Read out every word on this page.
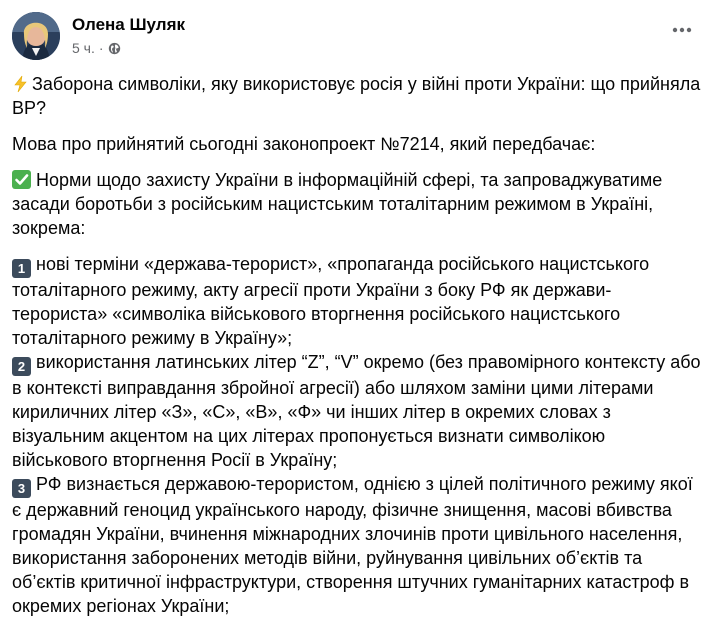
Олена Шуляк
5 ч. ·

Заборона символіки, яку використовує росія у війні проти України: що прийняла ВР?

Мова про прийнятий сьогодні законопроект №7214, який передбачає:

Норми щодо захисту України в інформаційній сфері, та запроваджуватиме засади боротьби з російським нацистським тоталітарним режимом в Україні, зокрема:

1 нові терміни «держава-терорист», «пропаганда російського нацистського тоталітарного режиму, акту агресії проти України з боку РФ як держави-терориста» «символіка військового вторгнення російського нацистського тоталітарного режиму в Україну»;

2 використання латинських літер “Z”, “V” окремо (без правомірного контексту або в контексті виправдання збройної агресії) або шляхом заміни цими літерами кириличних літер «З», «С», «В», «Ф» чи інших літер в окремих словах з візуальним акцентом на цих літерах пропонується визнати символікою військового вторгнення Росії в Україну;

3 РФ визнається державою-терористом, однією з цілей політичного режиму якої є державний геноцид українського народу, фізичне знищення, масові вбивства громадян України, вчинення міжнародних злочинів проти цивільного населення, використання заборонених методів війни, руйнування цивільних об’єктів та об’єктів критичної інфраструктури, створення штучних гуманітарних катастроф в окремих регіонах України;
